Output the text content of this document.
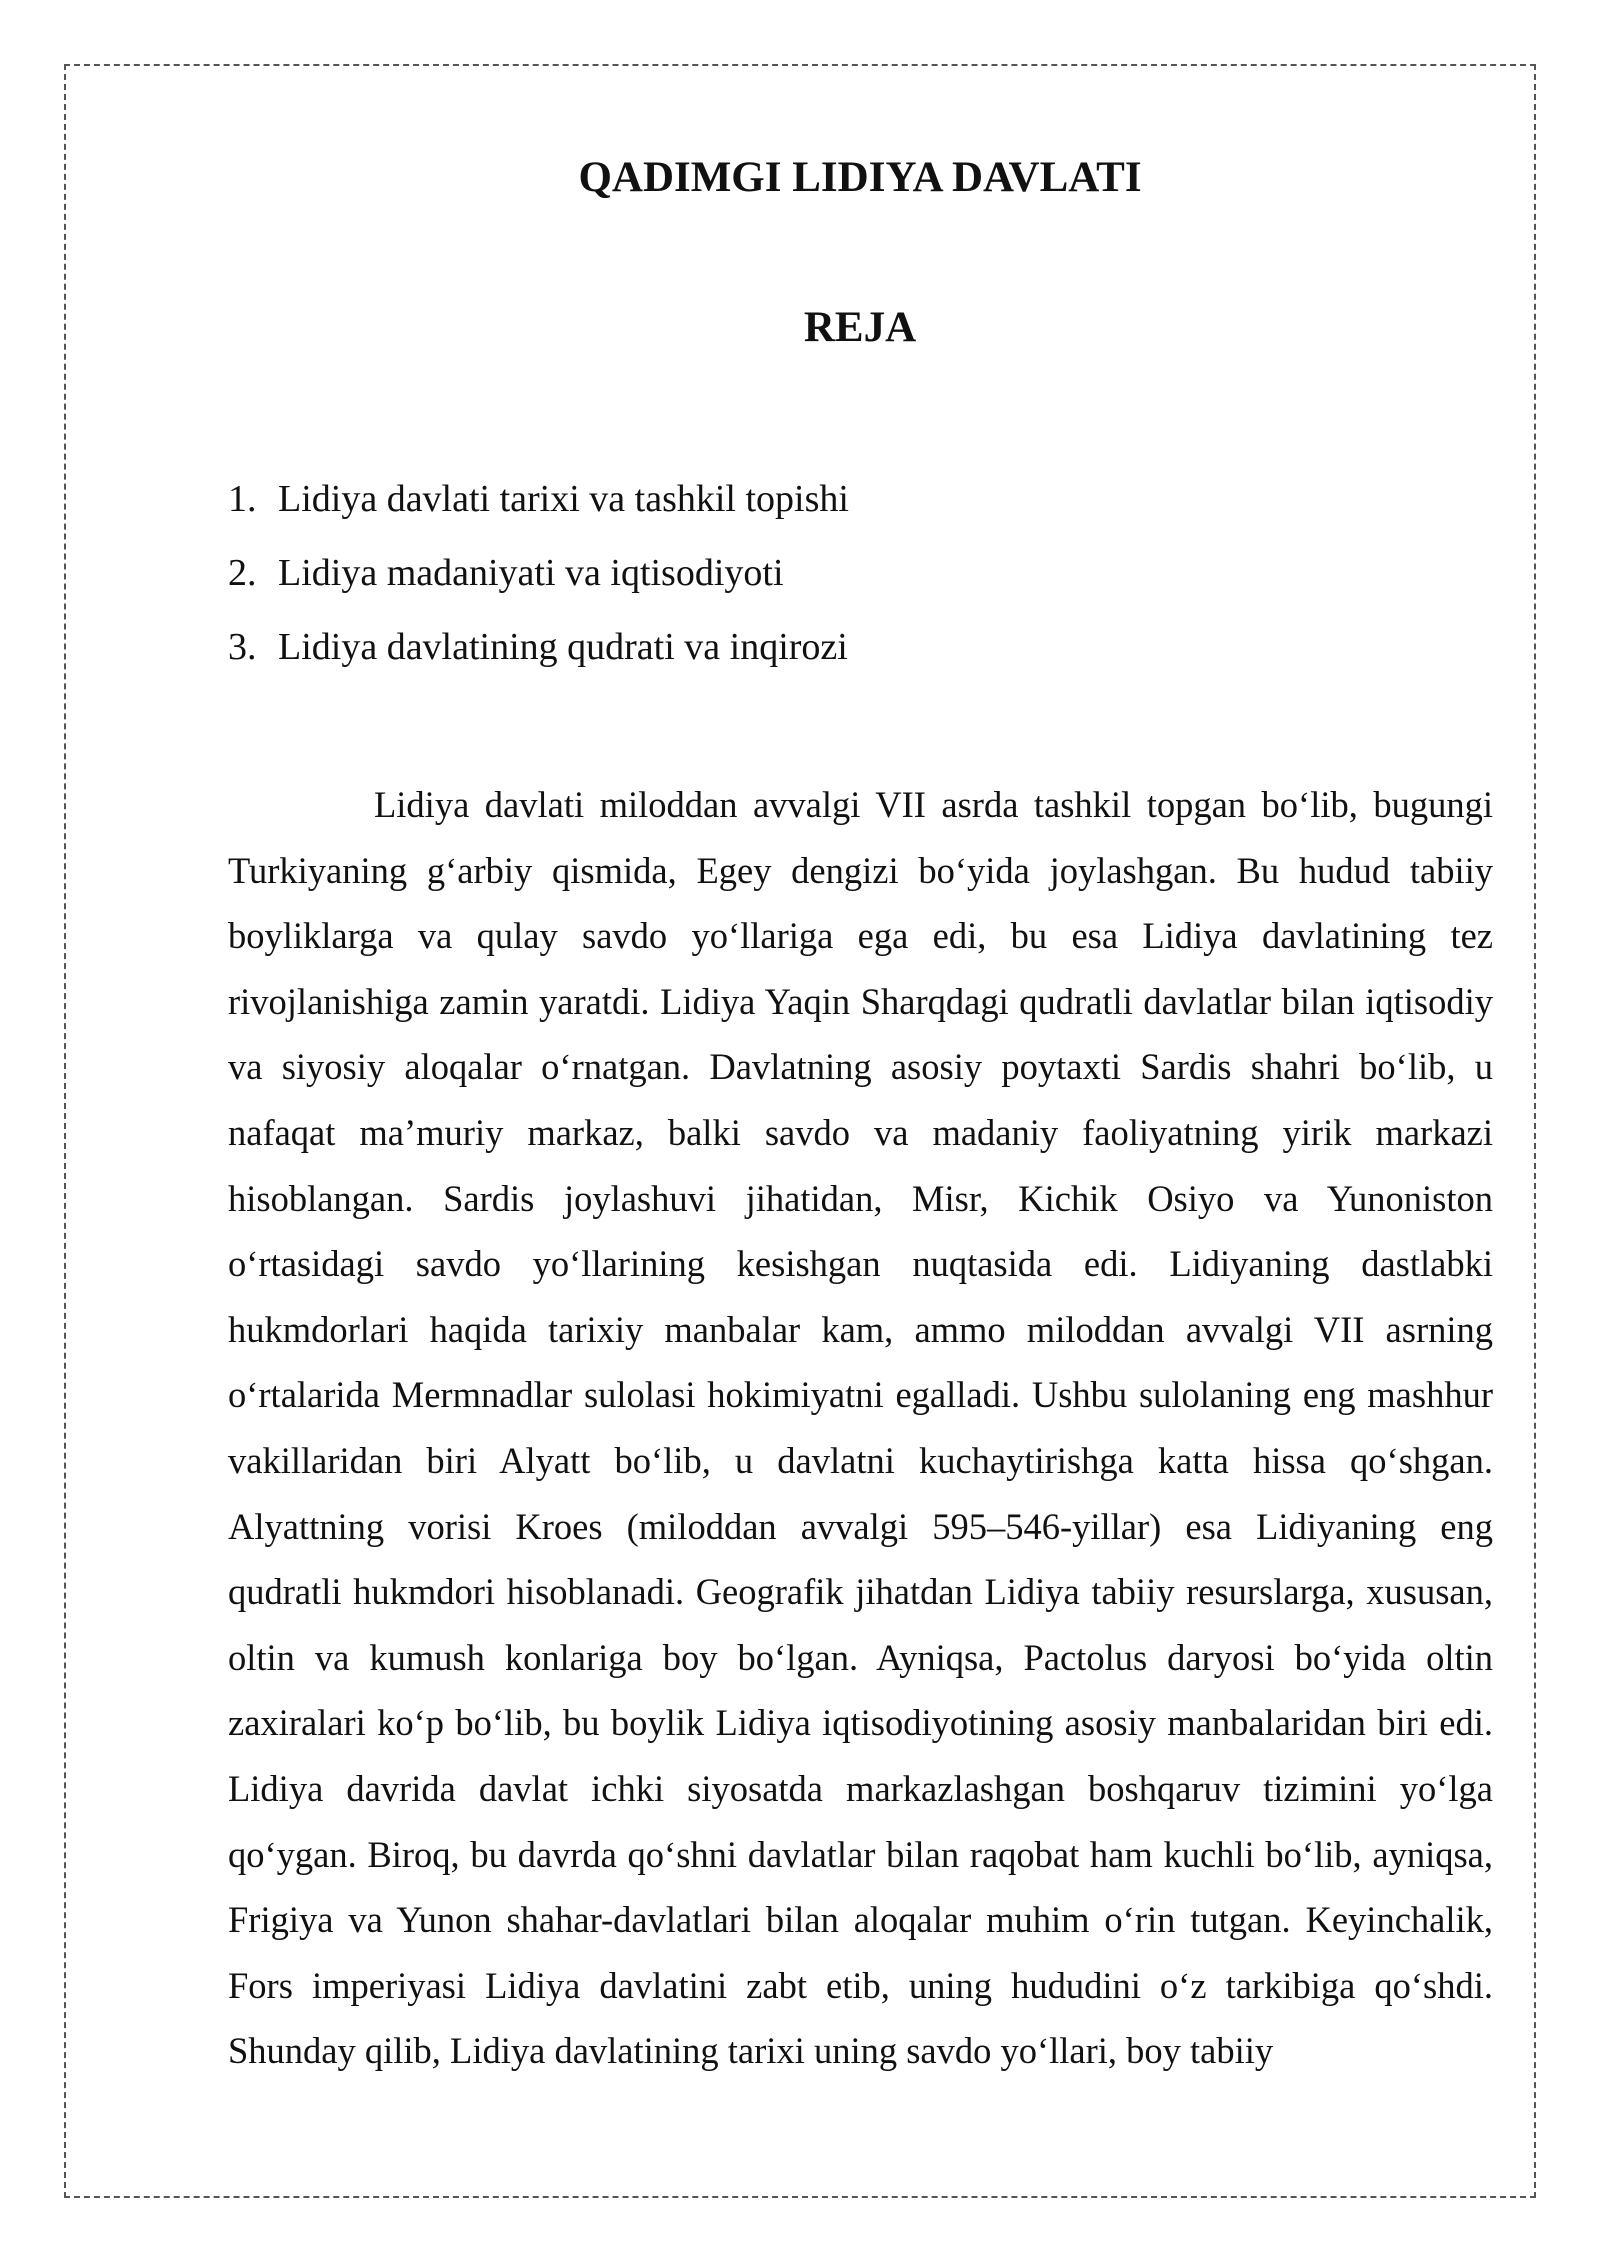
QADIMGI LIDIYA DAVLATI
REJA
1. Lidiya davlati tarixi va tashkil topishi
2. Lidiya madaniyati va iqtisodiyoti
3. Lidiya davlatining qudrati va inqirozi

Lidiya davlati miloddan avvalgi VII asrda tashkil topgan bo‘lib, bugungi Turkiyaning g‘arbiy qismida, Egey dengizi bo‘yida joylashgan. Bu hudud tabiiy boyliklarga va qulay savdo yo‘llariga ega edi, bu esa Lidiya davlatining tez rivojlanishiga zamin yaratdi. Lidiya Yaqin Sharqdagi qudratli davlatlar bilan iqtisodiy va siyosiy aloqalar o‘rnatgan. Davlatning asosiy poytaxti Sardis shahri bo‘lib, u nafaqat ma’muriy markaz, balki savdo va madaniy faoliyatning yirik markazi hisoblangan. Sardis joylashuvi jihatidan, Misr, Kichik Osiyo va Yunoniston o‘rtasidagi savdo yo‘llarining kesishgan nuqtasida edi. Lidiyaning dastlabki hukmdorlari haqida tarixiy manbalar kam, ammo miloddan avvalgi VII asrning o‘rtalarida Mermnadlar sulolasi hokimiyatni egalladi. Ushbu sulolaning eng mashhur vakillaridan biri Alyatt bo‘lib, u davlatni kuchaytirishga katta hissa qo‘shgan. Alyattning vorisi Kroes (miloddan avvalgi 595–546-yillar) esa Lidiyaning eng qudratli hukmdori hisoblanadi. Geografik jihatdan Lidiya tabiiy resurslarga, xususan, oltin va kumush konlariga boy bo‘lgan. Ayniqsa, Pactolus daryosi bo‘yida oltin zaxiralari ko‘p bo‘lib, bu boylik Lidiya iqtisodiyotining asosiy manbalaridan biri edi. Lidiya davrida davlat ichki siyosatda markazlashgan boshqaruv tizimini yo‘lga qo‘ygan. Biroq, bu davrda qo‘shni davlatlar bilan raqobat ham kuchli bo‘lib, ayniqsa, Frigiya va Yunon shahar-davlatlari bilan aloqalar muhim o‘rin tutgan. Keyinchalik, Fors imperiyasi Lidiya davlatini zabt etib, uning hududini o‘z tarkibiga qo‘shdi. Shunday qilib, Lidiya davlatining tarixi uning savdo yo‘llari, boy tabiiy
